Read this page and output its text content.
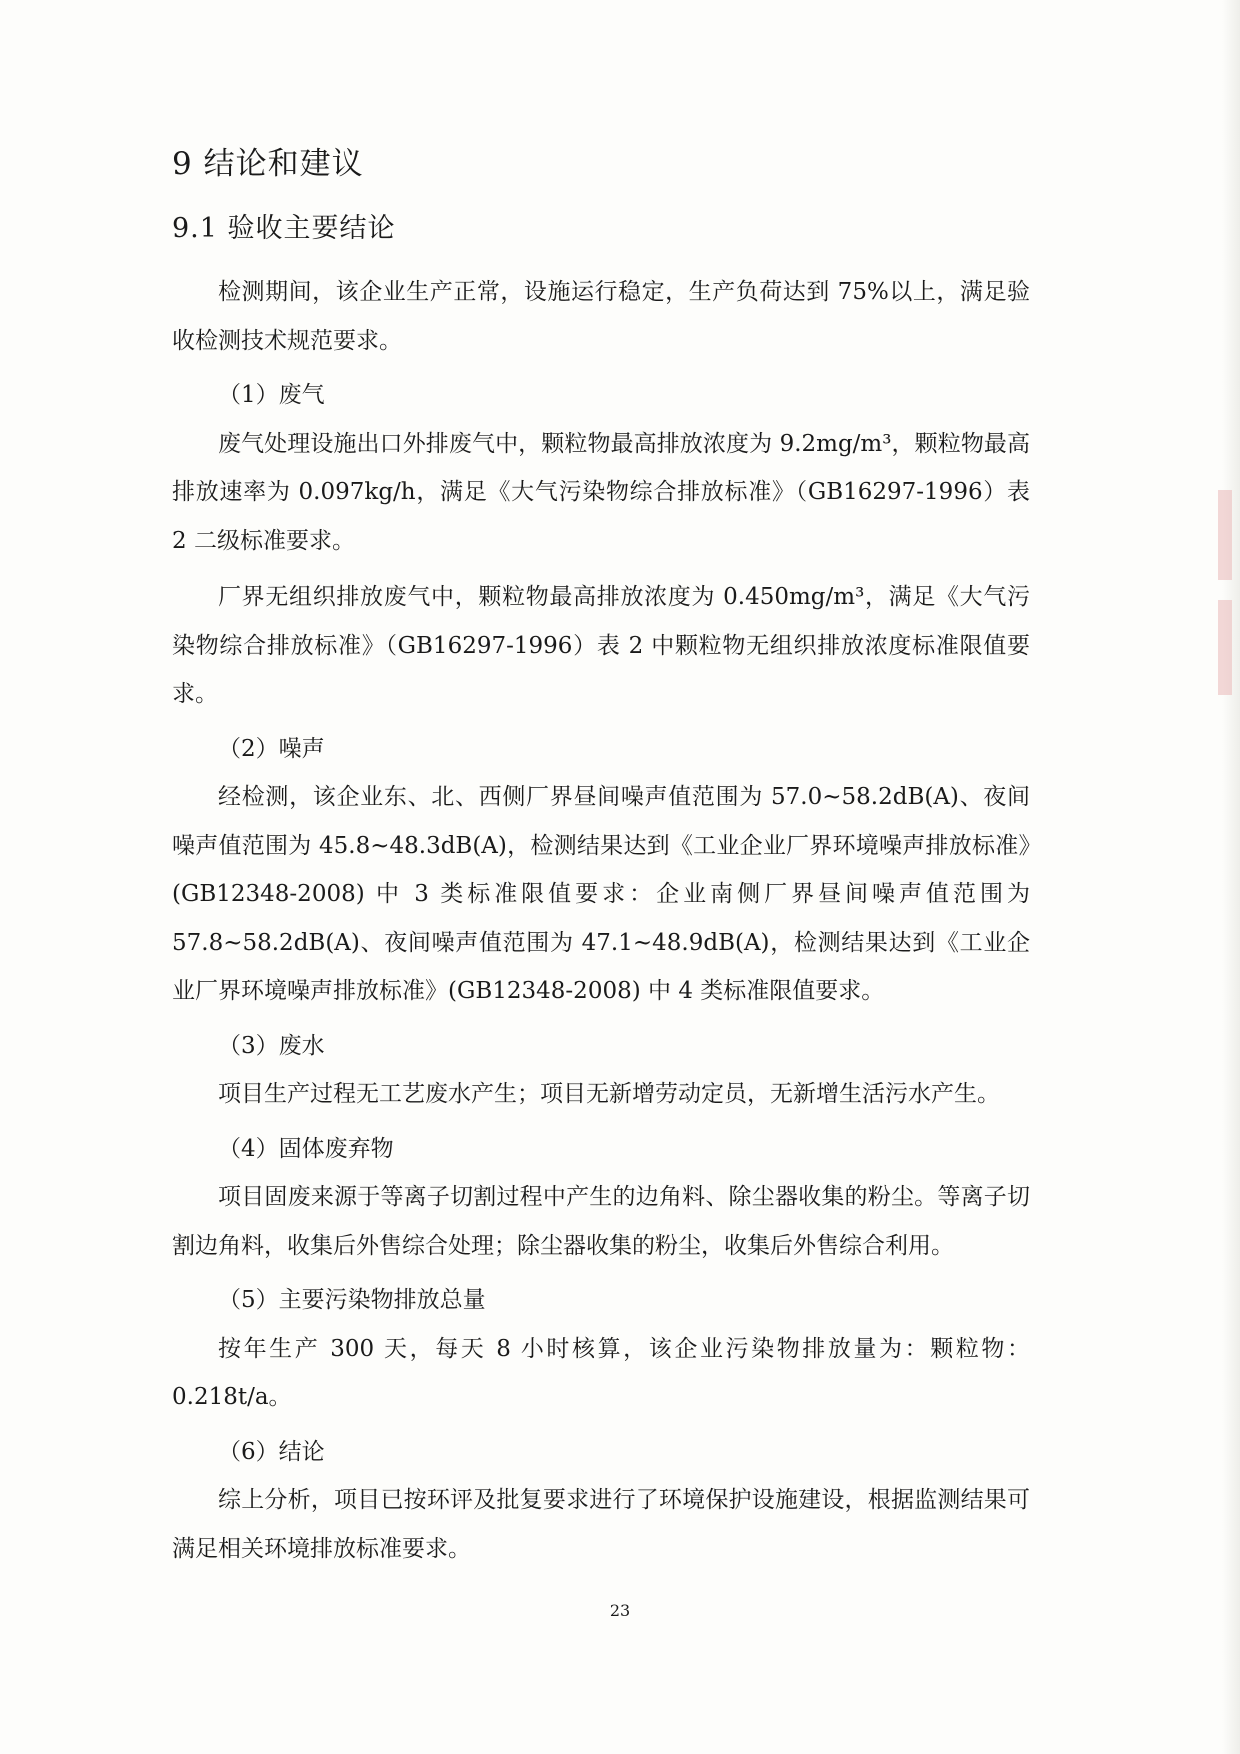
9 结论和建议
9.1 验收主要结论

检测期间，该企业生产正常，设施运行稳定，生产负荷达到 75%以上，满足验收检测技术规范要求。

（1）废气

废气处理设施出口外排废气中，颗粒物最高排放浓度为 9.2mg/m³，颗粒物最高排放速率为 0.097kg/h，满足《大气污染物综合排放标准》（GB16297-1996）表 2 二级标准要求。

厂界无组织排放废气中，颗粒物最高排放浓度为 0.450mg/m³，满足《大气污染物综合排放标准》（GB16297-1996）表 2 中颗粒物无组织排放浓度标准限值要求。

（2）噪声

经检测，该企业东、北、西侧厂界昼间噪声值范围为 57.0~58.2dB(A)、夜间噪声值范围为 45.8~48.3dB(A)，检测结果达到《工业企业厂界环境噪声排放标准》(GB12348-2008) 中 3 类标准限值要求：企业南侧厂界昼间噪声值范围为 57.8~58.2dB(A)、夜间噪声值范围为 47.1~48.9dB(A)，检测结果达到《工业企业厂界环境噪声排放标准》(GB12348-2008) 中 4 类标准限值要求。

（3）废水

项目生产过程无工艺废水产生；项目无新增劳动定员，无新增生活污水产生。

（4）固体废弃物

项目固废来源于等离子切割过程中产生的边角料、除尘器收集的粉尘。等离子切割边角料，收集后外售综合处理；除尘器收集的粉尘，收集后外售综合利用。

（5）主要污染物排放总量

按年生产 300 天，每天 8 小时核算，该企业污染物排放量为：颗粒物：0.218t/a。

（6）结论

综上分析，项目已按环评及批复要求进行了环境保护设施建设，根据监测结果可满足相关环境排放标准要求。

23
